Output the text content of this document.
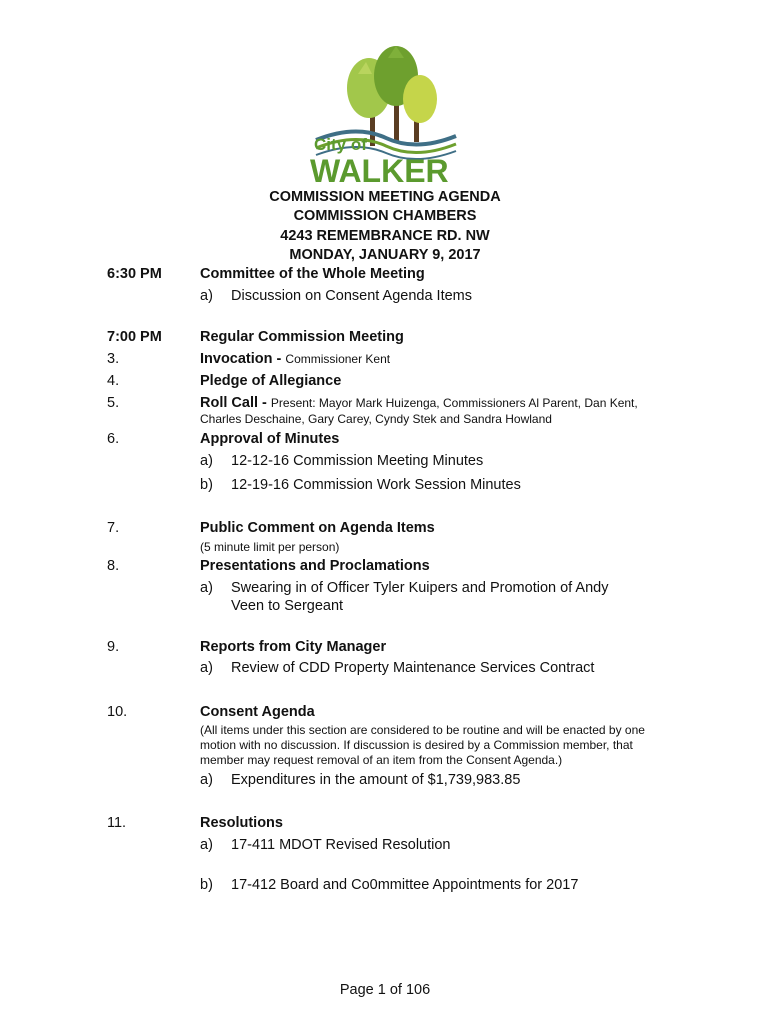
City of
WALKER
COMMISSION MEETING AGENDA
COMMISSION CHAMBERS
4243 REMEMBRANCE RD. NW
MONDAY, JANUARY 9, 2017
6:30 PM	Committee of the Whole Meeting
a) Discussion on Consent Agenda Items
7:00 PM	Regular Commission Meeting
3.	Invocation - Commissioner Kent
4.	Pledge of Allegiance
5.	Roll Call - Present: Mayor Mark Huizenga, Commissioners Al Parent, Dan Kent,
Charles Deschaine, Gary Carey, Cyndy Stek and Sandra Howland
6.	Approval of Minutes
a) 12-12-16 Commission Meeting Minutes
b) 12-19-16 Commission Work Session Minutes
7.	Public Comment on Agenda Items
(5 minute limit per person)
8.	Presentations and Proclamations
a) Swearing in of Officer Tyler Kuipers and Promotion of Andy
Veen to Sergeant
9.	Reports from City Manager
a) Review of CDD Property Maintenance Services Contract
10.	Consent Agenda
(All items under this section are considered to be routine and will be enacted by one
motion with no discussion. If discussion is desired by a Commission member, that
member may request removal of an item from the Consent Agenda.)
a) Expenditures in the amount of $1,739,983.85
11.	Resolutions
a) 17-411 MDOT Revised Resolution
b) 17-412 Board and Co0mmittee Appointments for 2017
Page 1 of 106
